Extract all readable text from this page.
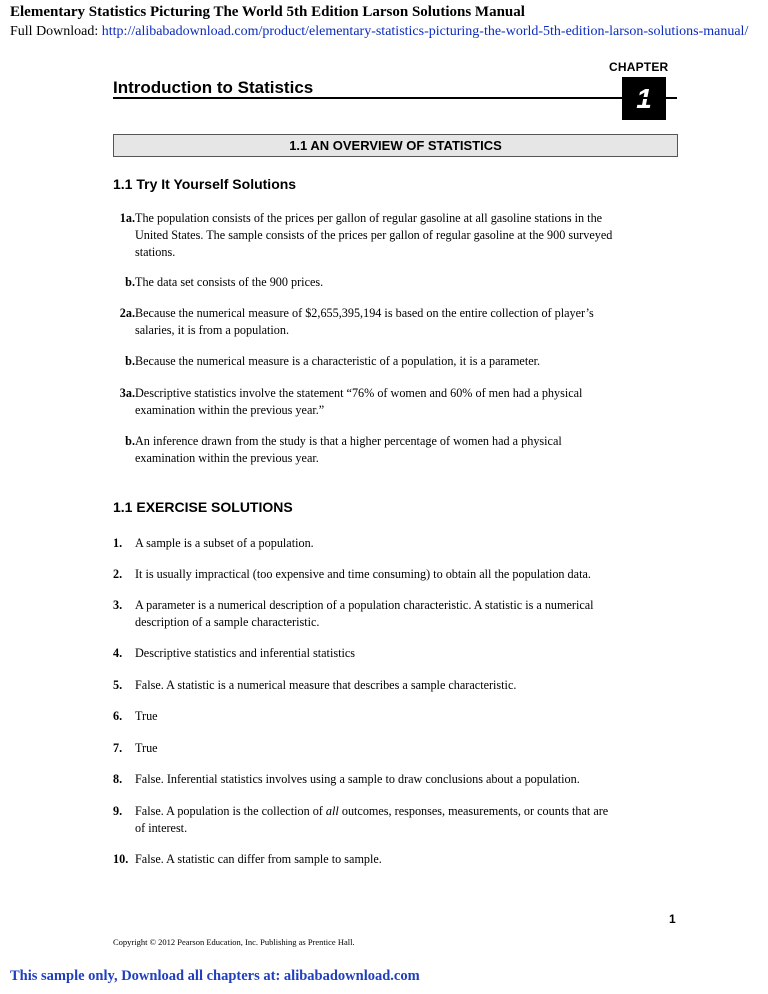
Elementary Statistics Picturing The World 5th Edition Larson Solutions Manual
Full Download: http://alibabadownload.com/product/elementary-statistics-picturing-the-world-5th-edition-larson-solutions-manual/
CHAPTER
Introduction to Statistics
1.1 AN OVERVIEW OF STATISTICS
1.1 Try It Yourself Solutions
1a. The population consists of the prices per gallon of regular gasoline at all gasoline stations in the
United States. The sample consists of the prices per gallon of regular gasoline at the 900 surveyed
stations.
b. The data set consists of the 900 prices.
2a. Because the numerical measure of $2,655,395,194 is based on the entire collection of player’s
salaries, it is from a population.
b. Because the numerical measure is a characteristic of a population, it is a parameter.
3a. Descriptive statistics involve the statement “76% of women and 60% of men had a physical
examination within the previous year.”
b. An inference drawn from the study is that a higher percentage of women had a physical
examination within the previous year.
1.1 EXERCISE SOLUTIONS
1.	A sample is a subset of a population.
2.	It is usually impractical (too expensive and time consuming) to obtain all the population data.
3.	A parameter is a numerical description of a population characteristic. A statistic is a numerical
description of a sample characteristic.
4.	Descriptive statistics and inferential statistics
5.	False. A statistic is a numerical measure that describes a sample characteristic.
6.	True
7.	True
8.	False. Inferential statistics involves using a sample to draw conclusions about a population.
9.	False. A population is the collection of all outcomes, responses, measurements, or counts that are
of interest.
10. False. A statistic can differ from sample to sample.
1
Copyright © 2012 Pearson Education, Inc. Publishing as Prentice Hall.
This sample only, Download all chapters at: alibabadownload.com
